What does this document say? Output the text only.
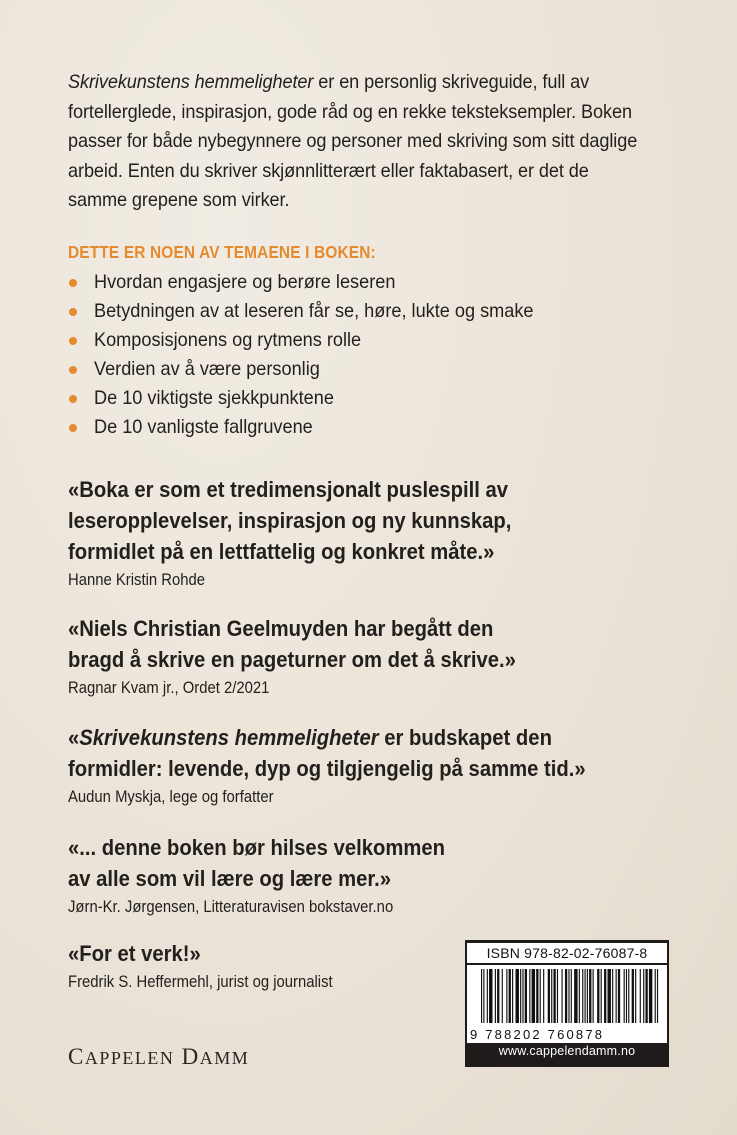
Skrivekunstens hemmeligheter er en personlig skriveguide, full av
fortellerglede, inspirasjon, gode råd og en rekke teksteksempler. Boken
passer for både nybegynnere og personer med skriving som sitt daglige
arbeid. Enten du skriver skjønnlitterært eller faktabasert, er det de
samme grepene som virker.
DETTE ER NOEN AV TEMAENE I BOKEN:
Hvordan engasjere og berøre leseren
Betydningen av at leseren får se, høre, lukte og smake
Komposisjonens og rytmens rolle
Verdien av å være personlig
De 10 viktigste sjekkpunktene
De 10 vanligste fallgruvene
«Boka er som et tredimensjonalt puslespill av
leseropplevelser, inspirasjon og ny kunnskap,
formidlet på en lettfattelig og konkret måte.»
Hanne Kristin Rohde
«Niels Christian Geelmuyden har begått den
bragd å skrive en pageturner om det å skrive.»
Ragnar Kvam jr., Ordet 2/2021
«Skrivekunstens hemmeligheter er budskapet den
formidler: levende, dyp og tilgjengelig på samme tid.»
Audun Myskja, lege og forfatter
«... denne boken bør hilses velkommen
av alle som vil lære og lære mer.»
Jørn-Kr. Jørgensen, Litteraturavisen bokstaver.no
«For et verk!»
Fredrik S. Heffermehl, jurist og journalist
CAPPELEN DAMM
ISBN 978-82-02-76087-8
9 788202 760878
www.cappelendamm.no
